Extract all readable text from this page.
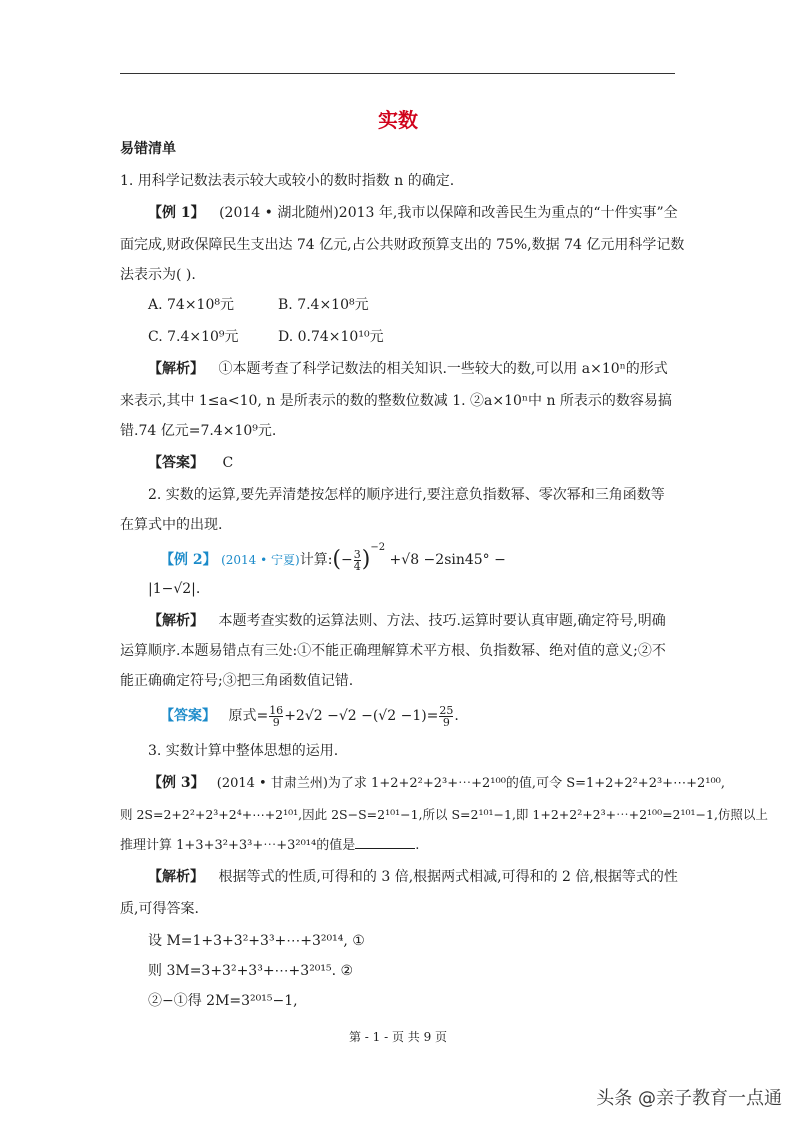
实数
易错清单
1. 用科学记数法表示较大或较小的数时指数 n 的确定.
【例 1】 (2014 • 湖北随州)2013 年,我市以保障和改善民生为重点的“十件实事”全
面完成,财政保障民生支出达 74 亿元,占公共财政预算支出的 75%,数据 74 亿元用科学记数
法表示为( ).
A. 74×10⁸元	B. 7.4×10⁸元
C. 7.4×10⁹元	D. 0.74×10¹⁰元
【解析】 ①本题考查了科学记数法的相关知识.一些较大的数,可以用 a×10ⁿ的形式
来表示,其中 1≤a<10, n 是所表示的数的整数位数减 1. ②a×10ⁿ中 n 所表示的数容易搞
错.74 亿元=7.4×10⁹元.
【答案】 C
2. 实数的运算,要先弄清楚按怎样的顺序进行,要注意负指数幂、零次幂和三角函数等
在算式中的出现.
【例 2】 (2014 • 宁夏)计算:(− $\frac{3}{4} )^{-2} +√8 -2\sin 45^\circ$ −
|1−√2|.
【解析】 本题考查实数的运算法则、方法、技巧.运算时要认真审题,确定符号,明确
运算顺序.本题易错点有三处:①不能正确理解算术平方根、负指数幂、绝对值的意义;②不
能正确确定符号;③把三角函数值记错.
【答案】 原式= $\frac{16}{9} +2√2 -√2 -(√2 -1)= \frac{25}{9}$ .
3. 实数计算中整体思想的运用.
【例 3】 (2014 • 甘肃兰州)为了求 1+2+2²+2³+⋯+2¹⁰⁰的值,可令 S=1+2+2²+2³+⋯+2¹⁰⁰,
则 2S=2+2²+2³+2⁴+⋯+2¹⁰¹,因此 2S−S=2¹⁰¹−1,所以 S=2¹⁰¹−1,即 1+2+2²+2³+⋯+2¹⁰⁰=2¹⁰¹−1,仿照以上
推理计算 1+3+3²+3³+⋯+3²⁰¹⁴的值是	.
【解析】 根据等式的性质,可得和的 3 倍,根据两式相减,可得和的 2 倍,根据等式的性
质,可得答案.
设 M=1+3+3²+3³+⋯+3²⁰¹⁴, ①
则 3M=3+3²+3³+⋯+3²⁰¹⁵. ②
②−①得 2M=3²⁰¹⁵−1,
第 - 1 - 页 共 9 页
头条 @亲子教育一点通
